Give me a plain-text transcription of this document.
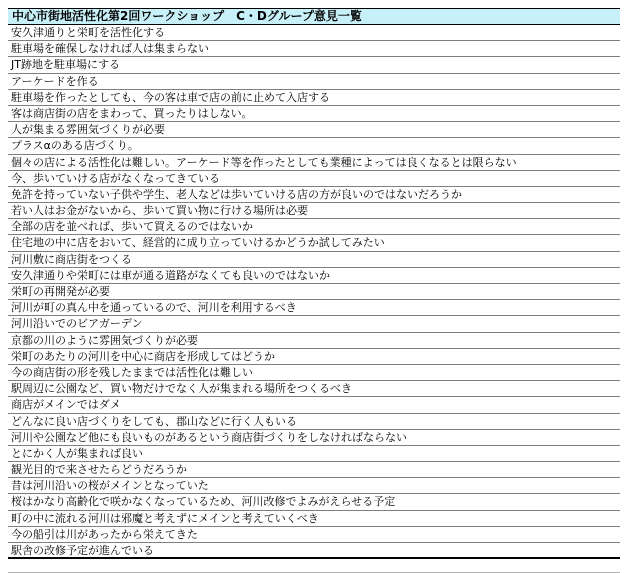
中心市街地活性化第2回ワークショップ　C・Dグループ意見一覧
安久津通りと栄町を活性化する
駐車場を確保しなければ人は集まらない
JT跡地を駐車場にする
アーケードを作る
駐車場を作ったとしても、今の客は車で店の前に止めて入店する
客は商店街の店をまわって、買ったりはしない。
人が集まる雰囲気づくりが必要
プラスαのある店づくり。
個々の店による活性化は難しい。アーケード等を作ったとしても業種によっては良くなるとは限らない
今、歩いていける店がなくなってきている
免許を持っていない子供や学生、老人などは歩いていける店の方が良いのではないだろうか
若い人はお金がないから、歩いて買い物に行ける場所は必要
全部の店を並べれば、歩いて買えるのではないか
住宅地の中に店をおいて、経営的に成り立っていけるかどうか試してみたい
河川敷に商店街をつくる
安久津通りや栄町には車が通る道路がなくても良いのではないか
栄町の再開発が必要
河川が町の真ん中を通っているので、河川を利用するべき
河川沿いでのビアガーデン
京都の川のように雰囲気づくりが必要
栄町のあたりの河川を中心に商店を形成してはどうか
今の商店街の形を残したままでは活性化は難しい
駅周辺に公園など、買い物だけでなく人が集まれる場所をつくるべき
商店がメインではダメ
どんなに良い店づくりをしても、郡山などに行く人もいる
河川や公園など他にも良いものがあるという商店街づくりをしなければならない
とにかく人が集まれば良い
観光目的で来させたらどうだろうか
昔は河川沿いの桜がメインとなっていた
桜はかなり高齢化で咲かなくなっているため、河川改修でよみがえらせる予定
町の中に流れる河川は邪魔と考えずにメインと考えていくべき
今の船引は川があったから栄えてきた
駅舎の改修予定が進んでいる
